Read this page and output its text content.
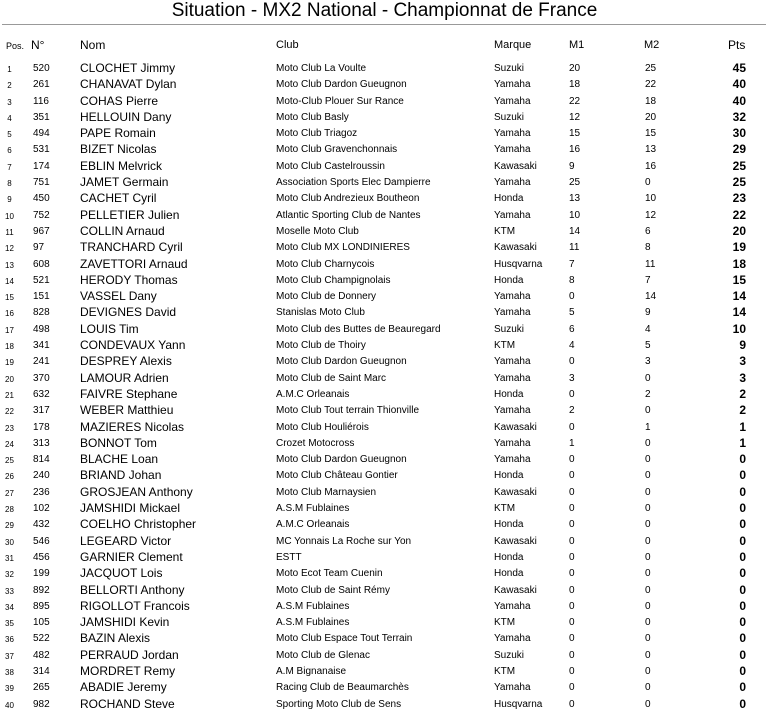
Situation - MX2 National - Championnat de France
Pos. N°	Nom	Club	Marque	M1	M2	Pts
1	520	CLOCHET Jimmy	Moto Club La Voulte	Suzuki	20	25	45
2	261	CHANAVAT Dylan	Moto Club Dardon Gueugnon	Yamaha	18	22	40
3	116	COHAS Pierre	Moto-Club Plouer Sur Rance	Yamaha	22	18	40
4	351	HELLOUIN Dany	Moto Club Basly	Suzuki	12	20	32
5	494	PAPE Romain	Moto Club Triagoz	Yamaha	15	15	30
6	531	BIZET Nicolas	Moto Club Gravenchonnais	Yamaha	16	13	29
7	174	EBLIN Melvrick	Moto Club Castelroussin	Kawasaki	9	16	25
8	751	JAMET Germain	Association Sports Elec Dampierre	Yamaha	25	0	25
9	450	CACHET Cyril	Moto Club Andrezieux Boutheon	Honda	13	10	23
10	752	PELLETIER Julien	Atlantic Sporting Club de Nantes	Yamaha	10	12	22
11	967	COLLIN Arnaud	Moselle Moto Club	KTM	14	6	20
12	97	TRANCHARD Cyril	Moto Club MX LONDINIERES	Kawasaki	11	8	19
13	608	ZAVETTORI Arnaud	Moto Club Charnycois	Husqvarna	7	11	18
14	521	HERODY Thomas	Moto Club Champignolais	Honda	8	7	15
15	151	VASSEL Dany	Moto Club de Donnery	Yamaha	0	14	14
16	828	DEVIGNES David	Stanislas Moto Club	Yamaha	5	9	14
17	498	LOUIS Tim	Moto Club des Buttes de Beauregard	Suzuki	6	4	10
18	341	CONDEVAUX Yann	Moto Club de Thoiry	KTM	4	5	9
19	241	DESPREY Alexis	Moto Club Dardon Gueugnon	Yamaha	0	3	3
20	370	LAMOUR Adrien	Moto Club de Saint Marc	Yamaha	3	0	3
21	632	FAIVRE Stephane	A.M.C Orleanais	Honda	0	2	2
22	317	WEBER Matthieu	Moto Club Tout terrain Thionville	Yamaha	2	0	2
23	178	MAZIERES Nicolas	Moto Club Houliérois	Kawasaki	0	1	1
24	313	BONNOT Tom	Crozet Motocross	Yamaha	1	0	1
25	814	BLACHE Loan	Moto Club Dardon Gueugnon	Yamaha	0	0	0
26	240	BRIAND Johan	Moto Club Château Gontier	Honda	0	0	0
27	236	GROSJEAN Anthony	Moto Club Marnaysien	Kawasaki	0	0	0
28	102	JAMSHIDI Mickael	A.S.M Fublaines	KTM	0	0	0
29	432	COELHO Christopher	A.M.C Orleanais	Honda	0	0	0
30	546	LEGEARD Victor	MC Yonnais La Roche sur Yon	Kawasaki	0	0	0
31	456	GARNIER Clement	ESTT	Honda	0	0	0
32	199	JACQUOT Lois	Moto Ecot Team Cuenin	Honda	0	0	0
33	892	BELLORTI Anthony	Moto Club de Saint Rémy	Kawasaki	0	0	0
34	895	RIGOLLOT Francois	A.S.M Fublaines	Yamaha	0	0	0
35	105	JAMSHIDI Kevin	A.S.M Fublaines	KTM	0	0	0
36	522	BAZIN Alexis	Moto Club Espace Tout Terrain	Yamaha	0	0	0
37	482	PERRAUD Jordan	Moto Club de Glenac	Suzuki	0	0	0
38	314	MORDRET Remy	A.M Bignanaise	KTM	0	0	0
39	265	ABADIE Jeremy	Racing Club de Beaumarchès	Yamaha	0	0	0
40	982	ROCHAND Steve	Sporting Moto Club de Sens	Husqvarna	0	0	0
